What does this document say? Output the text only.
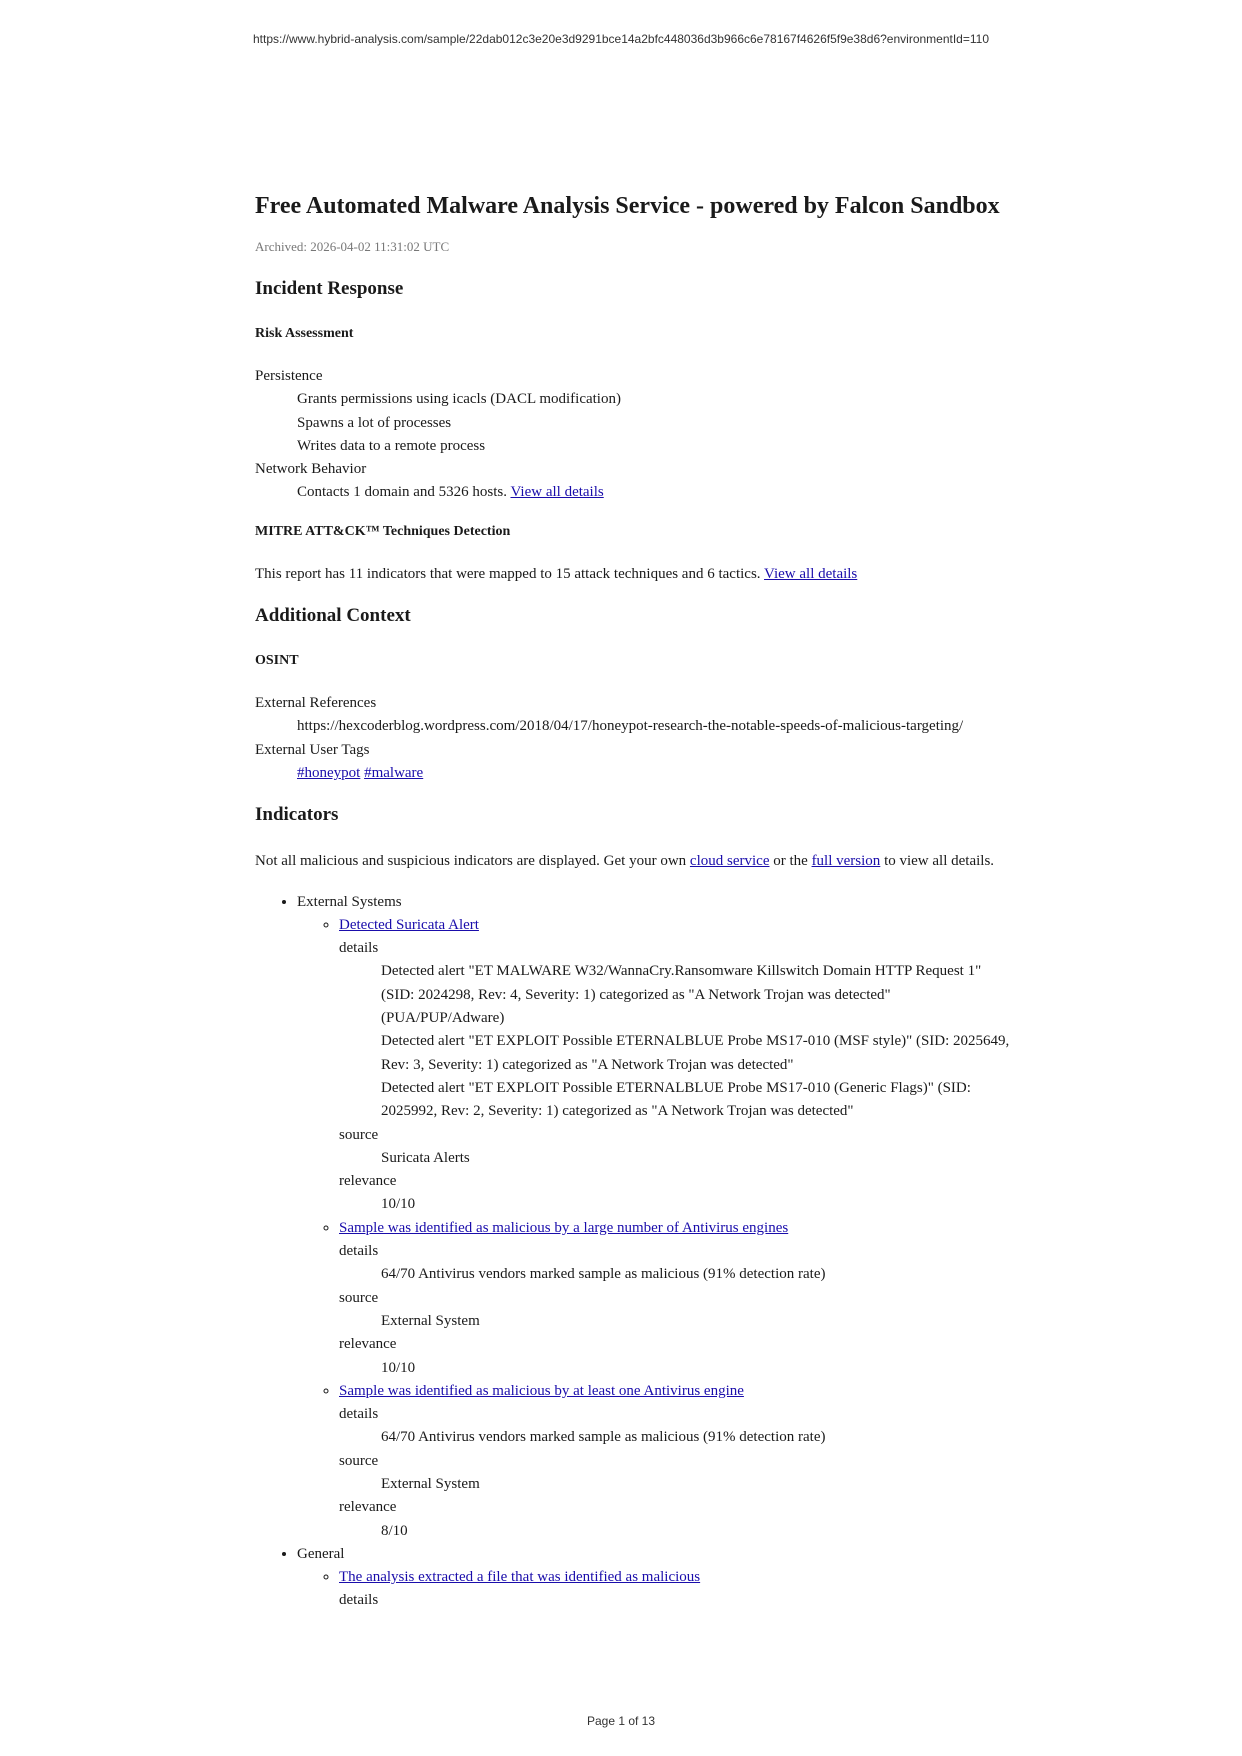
https://www.hybrid-analysis.com/sample/22dab012c3e20e3d9291bce14a2bfc448036d3b966c6e78167f4626f5f9e38d6?environmentId=110
Free Automated Malware Analysis Service - powered by Falcon Sandbox
Archived: 2026-04-02 11:31:02 UTC
Incident Response
Risk Assessment
Persistence
Grants permissions using icacls (DACL modification)
Spawns a lot of processes
Writes data to a remote process
Network Behavior
Contacts 1 domain and 5326 hosts. View all details
MITRE ATT&CK™ Techniques Detection

This report has 11 indicators that were mapped to 15 attack techniques and 6 tactics. View all details

Additional Context
OSINT
External References
https://hexcoderblog.wordpress.com/2018/04/17/honeypot-research-the-notable-speeds-of-malicious-targeting/
External User Tags
#honeypot #malware
Indicators

Not all malicious and suspicious indicators are displayed. Get your own cloud service or the full version to view all details.

• External Systems
◦ Detected Suricata Alert
details
Detected alert "ET MALWARE W32/WannaCry.Ransomware Killswitch Domain HTTP Request 1" (SID: 2024298, Rev: 4, Severity: 1) categorized as "A Network Trojan was detected" (PUA/PUP/Adware)
Detected alert "ET EXPLOIT Possible ETERNALBLUE Probe MS17-010 (MSF style)" (SID: 2025649, Rev: 3, Severity: 1) categorized as "A Network Trojan was detected"
Detected alert "ET EXPLOIT Possible ETERNALBLUE Probe MS17-010 (Generic Flags)" (SID: 2025992, Rev: 2, Severity: 1) categorized as "A Network Trojan was detected"
source
Suricata Alerts
relevance
10/10
◦ Sample was identified as malicious by a large number of Antivirus engines
details
64/70 Antivirus vendors marked sample as malicious (91% detection rate)
source
External System
relevance
10/10
◦ Sample was identified as malicious by at least one Antivirus engine
details
64/70 Antivirus vendors marked sample as malicious (91% detection rate)
source
External System
relevance
8/10
• General
◦ The analysis extracted a file that was identified as malicious
details
Page 1 of 13
